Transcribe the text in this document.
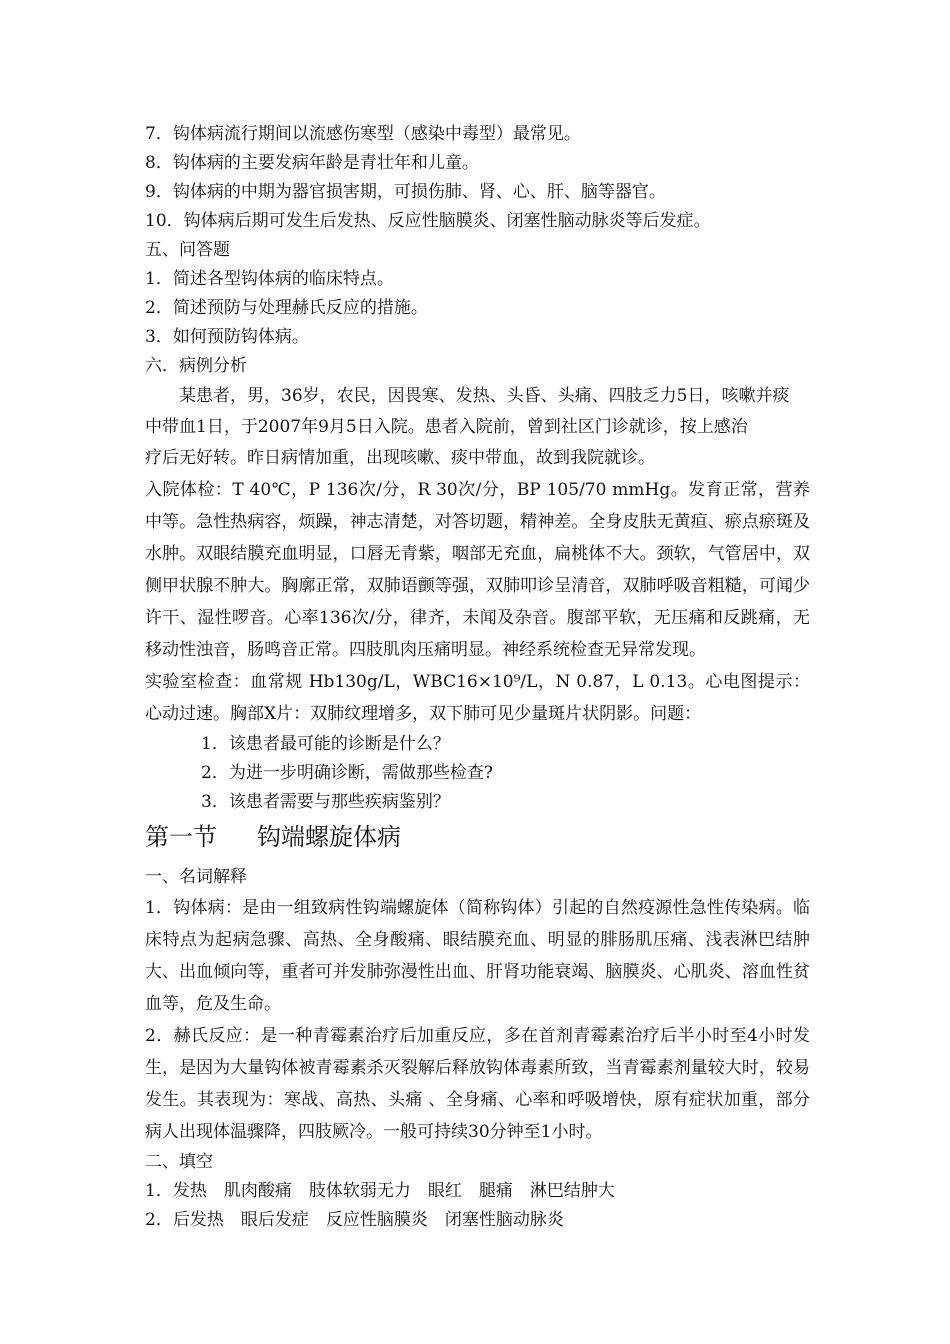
7．钩体病流行期间以流感伤寒型（感染中毒型）最常见。
8．钩体病的主要发病年龄是青壮年和儿童。
9．钩体病的中期为器官损害期，可损伤肺、肾、心、肝、脑等器官。
10．钩体病后期可发生后发热、反应性脑膜炎、闭塞性脑动脉炎等后发症。
五、问答题
1．简述各型钩体病的临床特点。
2．简述预防与处理赫氏反应的措施。
3．如何预防钩体病。
六．病例分析
　　某患者，男，36岁，农民，因畏寒、发热、头昏、头痛、四肢乏力5日，咳嗽并痰
中带血1日，于2007年9月5日入院。患者入院前，曾到社区门诊就诊，按上感治
疗后无好转。昨日病情加重，出现咳嗽、痰中带血，故到我院就诊。
入院体检：T 40℃，P 136次/分，R 30次/分，BP 105/70 mmHg。发育正常，营养中等。急性热病容，烦躁，神志清楚，对答切题，精神差。全身皮肤无黄疸、瘀点瘀斑及水肿。双眼结膜充血明显，口唇无青紫，咽部无充血，扁桃体不大。颈软，气管居中，双侧甲状腺不肿大。胸廓正常，双肺语颤等强，双肺叩诊呈清音，双肺呼吸音粗糙，可闻少许干、湿性啰音。心率136次/分，律齐，未闻及杂音。腹部平软，无压痛和反跳痛，无移动性浊音，肠鸣音正常。四肢肌肉压痛明显。神经系统检查无异常发现。
实验室检查：血常规 Hb130g/L，WBC16×10⁹/L，N 0.87，L 0.13。心电图提示：心动过速。胸部X片：双肺纹理增多，双下肺可见少量斑片状阴影。问题：
1．该患者最可能的诊断是什么？
2．为进一步明确诊断，需做那些检查?
3．该患者需要与那些疾病鉴别？
第一节 钩端螺旋体病
一、名词解释
1．钩体病：是由一组致病性钩端螺旋体（简称钩体）引起的自然疫源性急性传染病。临床特点为起病急骤、高热、全身酸痛、眼结膜充血、明显的腓肠肌压痛、浅表淋巴结肿大、出血倾向等，重者可并发肺弥漫性出血、肝肾功能衰竭、脑膜炎、心肌炎、溶血性贫血等，危及生命。
2．赫氏反应：是一种青霉素治疗后加重反应，多在首剂青霉素治疗后半小时至4小时发生，是因为大量钩体被青霉素杀灭裂解后释放钩体毒素所致，当青霉素剂量较大时，较易发生。其表现为：寒战、高热、头痛 、全身痛、心率和呼吸增快，原有症状加重，部分病人出现体温骤降，四肢厥冷。一般可持续30分钟至1小时。
二、填空
1．发热　肌肉酸痛　肢体软弱无力　眼红　腿痛　淋巴结肿大
2．后发热　眼后发症　反应性脑膜炎　闭塞性脑动脉炎
